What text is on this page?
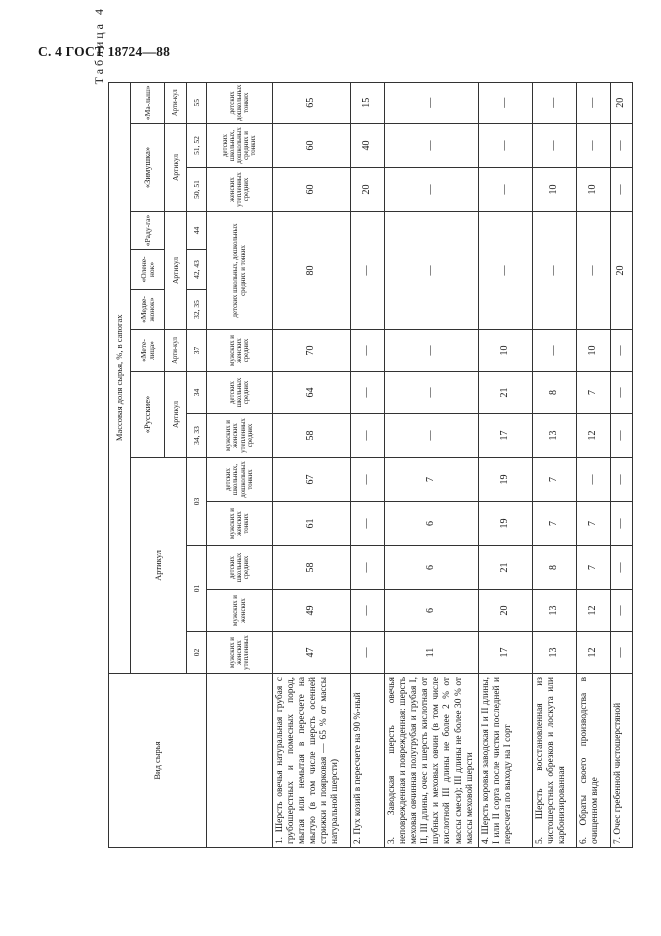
С. 4 ГОСТ 18724—88
Таблица 4
Вид сырья	Массовая доля сырья, %, в сапогах													
	Артикул					«Русские»		«Мете-лица»	«Медве-жонок»	«Олене-нок»	«Раду-га»	«Зимушка»		«Ма-лыш»
						Артикул		Арти-кул	Артикул			Артикул		Арти-кул
	02	01		03		34, 33	34	37	32, 35	42, 43	44	50, 51	51, 52	55
	мужских и женских утепленных	мужских и женских	детских школьных средних	мужских и женских тонких	детских школьных, дошкольных тонких	мужских и женских утепленных средних	детских школьных средних	мужских и женских средних	детских школьных, дошкольных средних и тонких			женских утепленных средних	детских школьных, дошкольных средних и тонких	детских дошкольных тонких
1. Шерсть овечья натуральная грубая с грубошерстных и помесных пород, мытая или немытая в пересчете на мытую (в том числе шерсть осенней стрижки и поярковая — 65 % от массы натуральной шерсти)	47	49	58	61	67	58	64	70	80			60	60	65
2. Пух козий в пересчете на 90 %-ный	—	—	—	—	—	—	—	—	—			20	40	15
3. Заводская шерсть овечья неповрежденная и поврежденная: шерсть меховая овчинная полугрубая и грубая I, II, III длины, очес и шерсть кислотная от шубных и меховых овчин (в том числе кислотной III длины не более 2 % от массы смеси); III длины не более 30 % от массы меховой шерсти	11	6	6	6	7	—	—	—	—			—	—	—
4. Шерсть коровья заводская I и II длины, I или II сорта после чистки последней и пересчета по выходу на I сорт	17	20	21	19	19	17	21	10	—			—	—	—
5. Шерсть восстановленная из чистошерстных обрезков и лоскута или карбонизированная	13	13	8	7	7	13	8	—	—			10	—	—
6. Обраты своего производства в очищенном виде	12	12	7	7	—	12	7	10	—			10	—	—
7. Очес гребенной чистошерстяной	—	—	—	—	—	—	—	—	20			—	—	20
